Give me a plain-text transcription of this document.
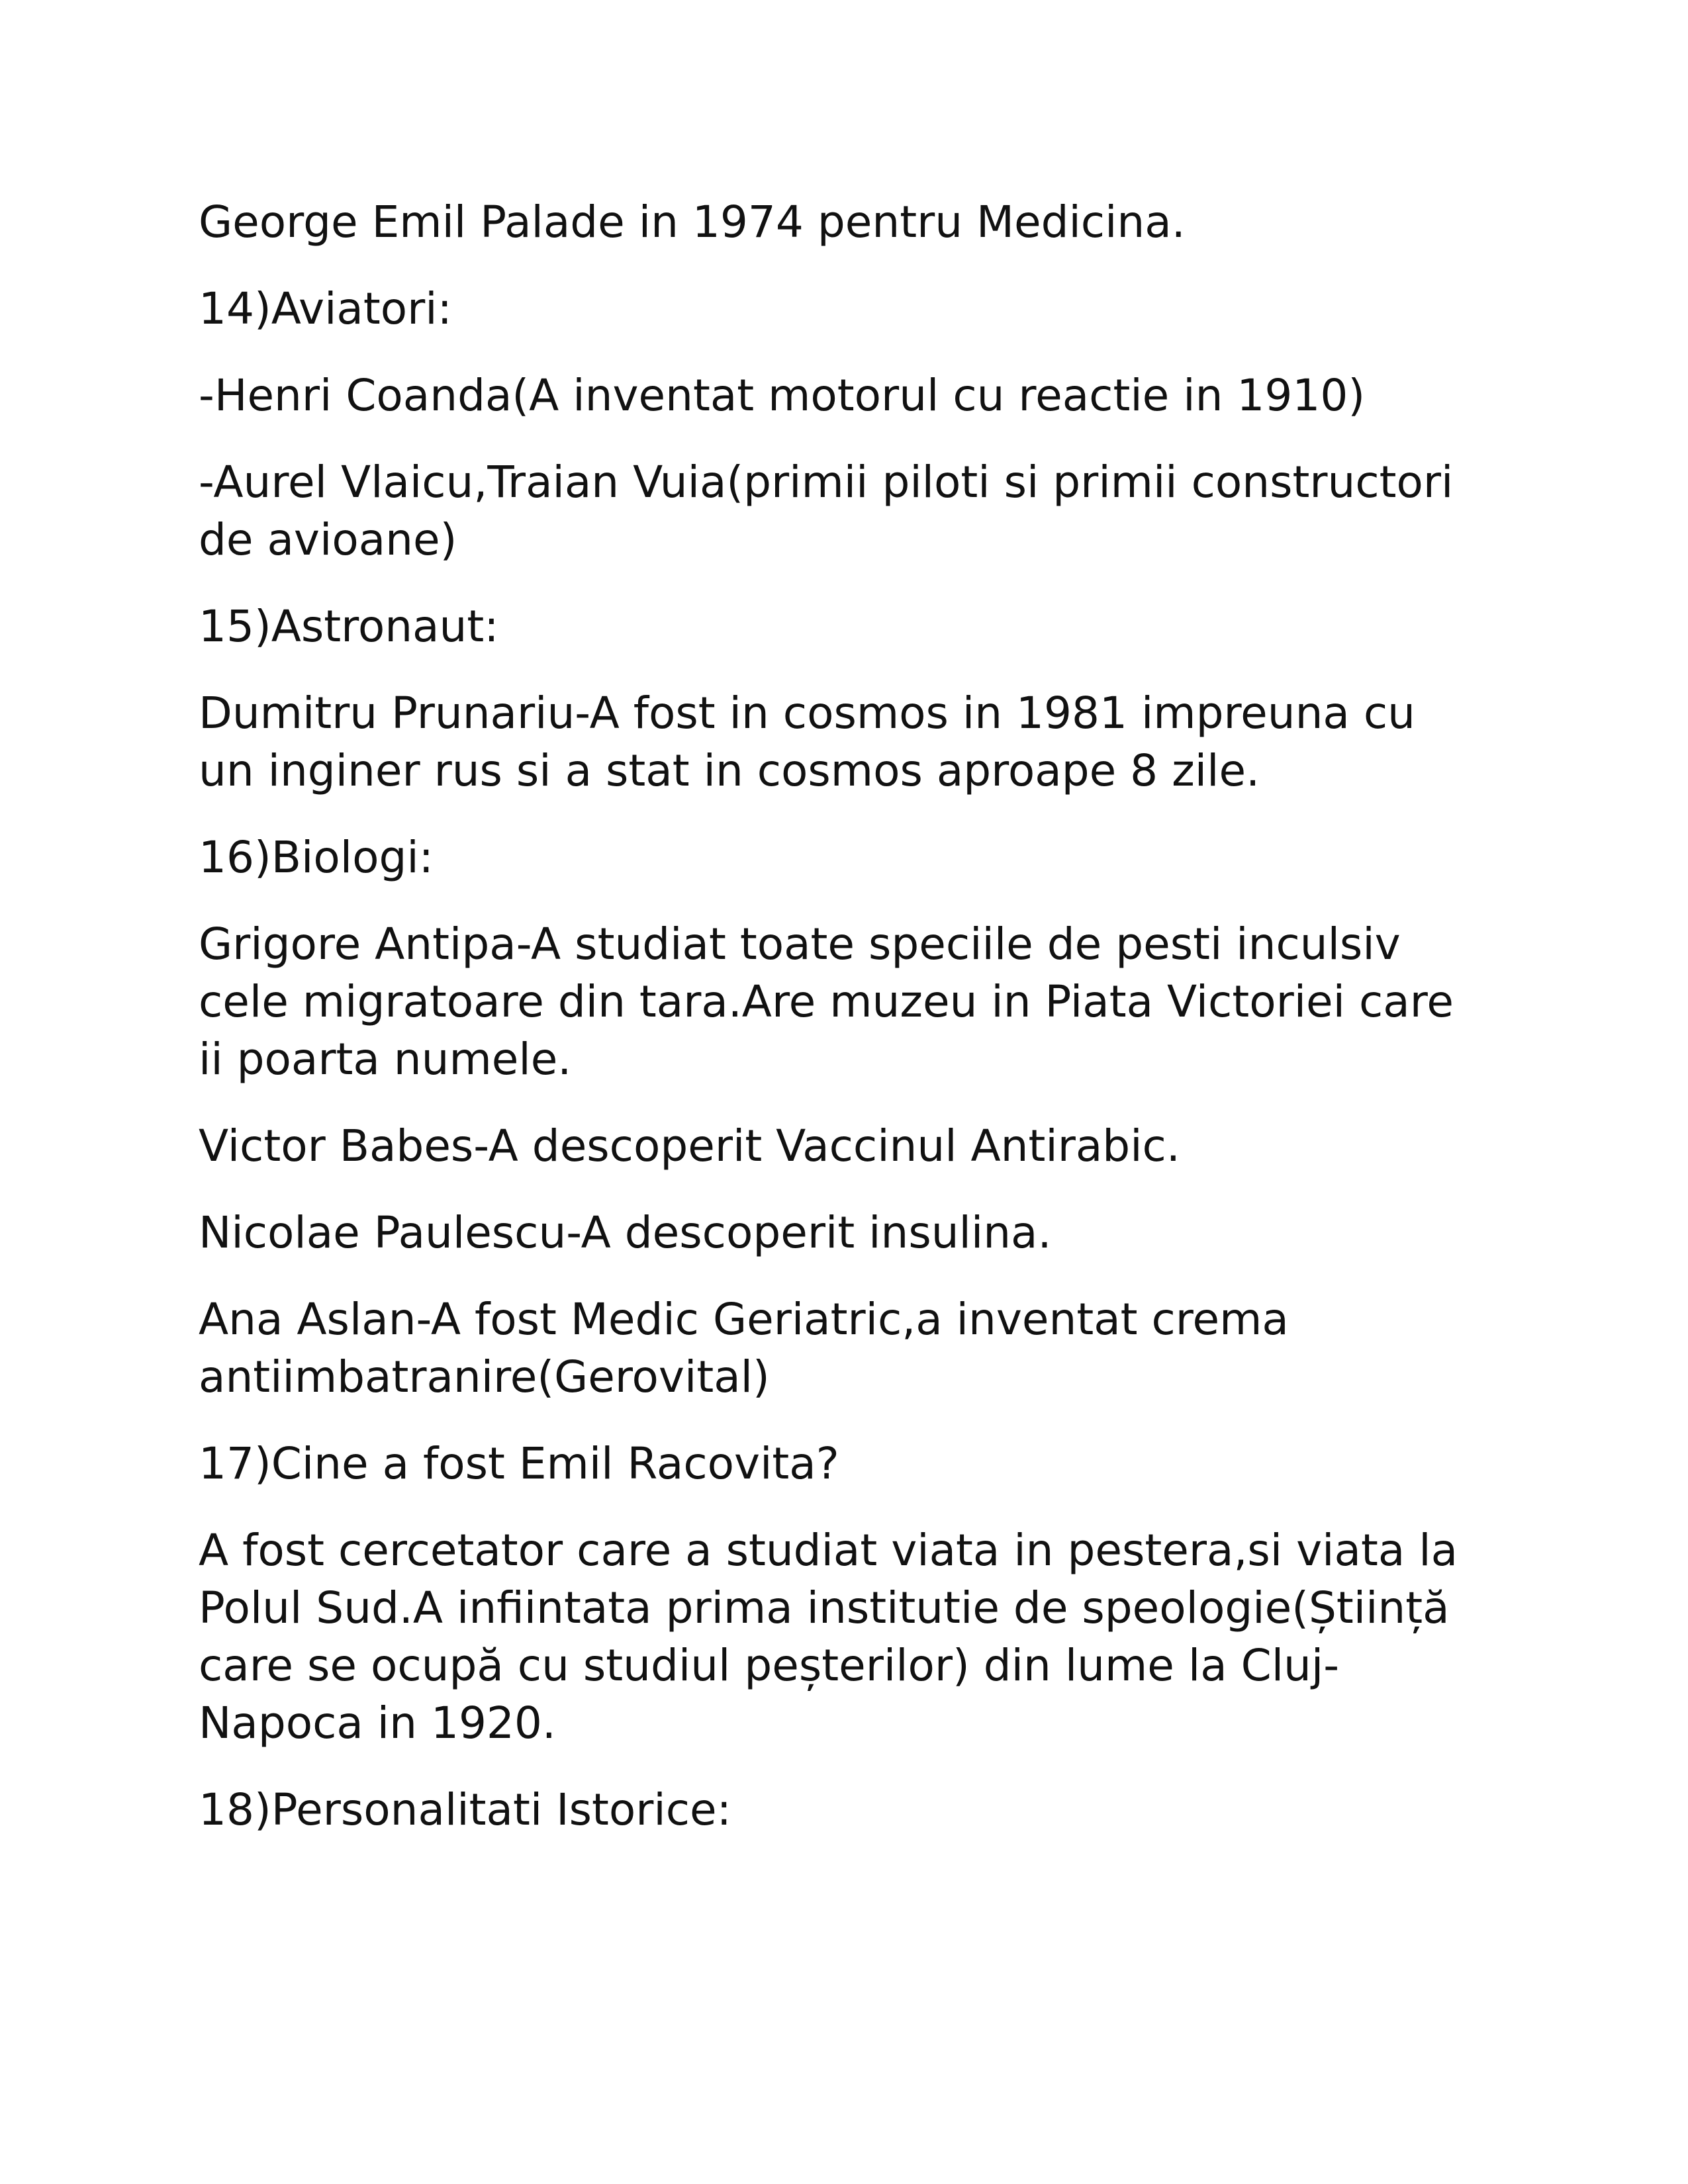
George Emil Palade in 1974 pentru Medicina.

14)Aviatori:

-Henri Coanda(A inventat motorul cu reactie in 1910)

-Aurel Vlaicu,Traian Vuia(primii piloti si primii constructori
de avioane)

15)Astronaut:

Dumitru Prunariu-A fost in cosmos in 1981 impreuna cu
un inginer rus si a stat in cosmos aproape 8 zile.

16)Biologi:

Grigore Antipa-A studiat toate speciile de pesti inculsiv
cele migratoare din tara.Are muzeu in Piata Victoriei care
ii poarta numele.

Victor Babes-A descoperit Vaccinul Antirabic.

Nicolae Paulescu-A descoperit insulina.

Ana Aslan-A fost Medic Geriatric,a inventat crema
antiimbatranire(Gerovital)

17)Cine a fost Emil Racovita?

A fost cercetator care a studiat viata in pestera,si viata la
Polul Sud.A infiintata prima institutie de speologie(Știință
care se ocupă cu studiul peșterilor) din lume la Cluj-
Napoca in 1920.

18)Personalitati Istorice:
